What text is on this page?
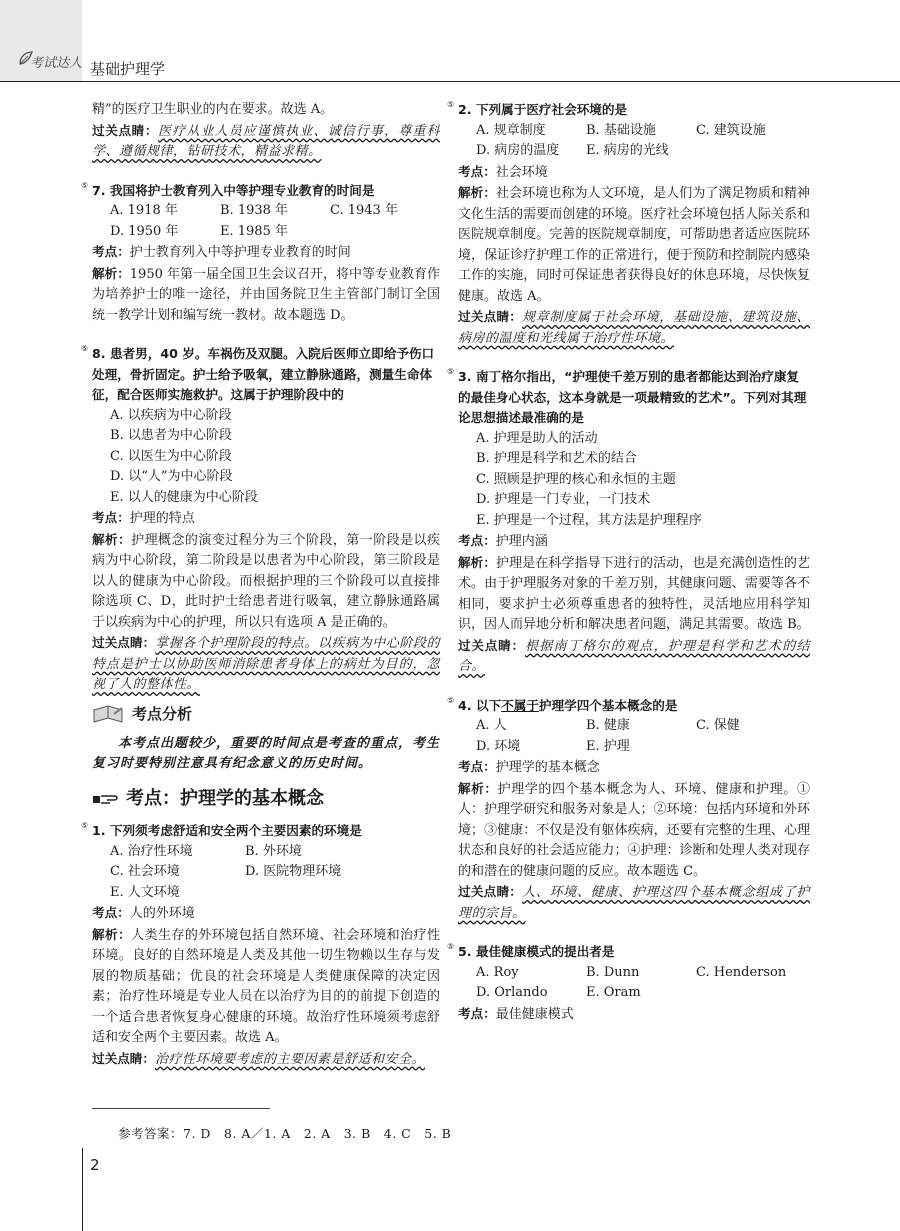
考试达人 基础护理学

精”的医疗卫生职业的内在要求。故选 A。

过关点睛：医疗从业人员应谨慎执业、诚信行事，尊重科学、遵循规律，钻研技术，精益求精。

⑤ 7. 我国将护士教育列入中等护理专业教育的时间是

A. 1918 年	B. 1938 年	C. 1943 年
D. 1950 年	E. 1985 年

考点：护士教育列入中等护理专业教育的时间

解析：1950 年第一届全国卫生会议召开，将中等专业教育作为培养护士的唯一途径，并由国务院卫生主管部门制订全国统一教学计划和编写统一教材。故本题选 D。

⑤ 8. 患者男，40 岁。车祸伤及双腿。入院后医师立即给予伤口处理，骨折固定。护士给予吸氧，建立静脉通路，测量生命体征，配合医师实施救护。这属于护理阶段中的

A. 以疾病为中心阶段

B. 以患者为中心阶段

C. 以医生为中心阶段

D. 以“人”为中心阶段

E. 以人的健康为中心阶段

考点：护理的特点

解析：护理概念的演变过程分为三个阶段，第一阶段是以疾病为中心阶段，第二阶段是以患者为中心阶段，第三阶段是以人的健康为中心阶段。而根据护理的三个阶段可以直接排除选项 C、D，此时护士给患者进行吸氧，建立静脉通路属于以疾病为中心的护理，所以只有选项 A 是正确的。

过关点睛：掌握各个护理阶段的特点。以疾病为中心阶段的特点是护士以协助医师消除患者身体上的病灶为目的，忽视了人的整体性。

考点分析

本考点出题较少，重要的时间点是考查的重点，考生复习时要特别注意具有纪念意义的历史时间。

考点：护理学的基本概念

⑤ 1. 下列须考虑舒适和安全两个主要因素的环境是

A. 治疗性环境	B. 外环境
C. 社会环境	D. 医院物理环境
E. 人文环境

考点：人的外环境

解析：人类生存的外环境包括自然环境、社会环境和治疗性环境。良好的自然环境是人类及其他一切生物赖以生存与发展的物质基础；优良的社会环境是人类健康保障的决定因素；治疗性环境是专业人员在以治疗为目的的前提下创造的一个适合患者恢复身心健康的环境。故治疗性环境须考虑舒适和安全两个主要因素。故选 A。

过关点睛：治疗性环境要考虑的主要因素是舒适和安全。

⑤ 2. 下列属于医疗社会环境的是

A. 规章制度	B. 基础设施	C. 建筑设施
D. 病房的温度	E. 病房的光线

考点：社会环境

解析：社会环境也称为人文环境，是人们为了满足物质和精神文化生活的需要而创建的环境。医疗社会环境包括人际关系和医院规章制度。完善的医院规章制度，可帮助患者适应医院环境，保证诊疗护理工作的正常进行，便于预防和控制院内感染工作的实施，同时可保证患者获得良好的休息环境，尽快恢复健康。故选 A。

过关点睛：规章制度属于社会环境，基础设施、建筑设施、病房的温度和光线属于治疗性环境。

⑤ 3. 南丁格尔指出，“护理使千差万别的患者都能达到治疗康复的最佳身心状态，这本身就是一项最精致的艺术”。下列对其理论思想描述最准确的是

A. 护理是助人的活动

B. 护理是科学和艺术的结合

C. 照顾是护理的核心和永恒的主题

D. 护理是一门专业，一门技术

E. 护理是一个过程，其方法是护理程序

考点：护理内涵

解析：护理是在科学指导下进行的活动，也是充满创造性的艺术。由于护理服务对象的千差万别，其健康问题、需要等各不相同，要求护士必须尊重患者的独特性，灵活地应用科学知识，因人而异地分析和解决患者问题，满足其需要。故选 B。

过关点睛：根据南丁格尔的观点，护理是科学和艺术的结合。

⑤ 4. 以下不属于护理学四个基本概念的是

A. 人	B. 健康	C. 保健
D. 环境	E. 护理

考点：护理学的基本概念

解析：护理学的四个基本概念为人、环境、健康和护理。①人：护理学研究和服务对象是人；②环境：包括内环境和外环境；③健康：不仅是没有躯体疾病，还要有完整的生理、心理状态和良好的社会适应能力；④护理：诊断和处理人类对现存的和潜在的健康问题的反应。故本题选 C。

过关点睛：人、环境、健康、护理这四个基本概念组成了护理的宗旨。

⑤ 5. 最佳健康模式的提出者是

A. Roy	B. Dunn	C. Henderson
D. Orlando	E. Oram

考点：最佳健康模式

参考答案：7. D　8. A／1. A　2. A　3. B　4. C　5. B
2
